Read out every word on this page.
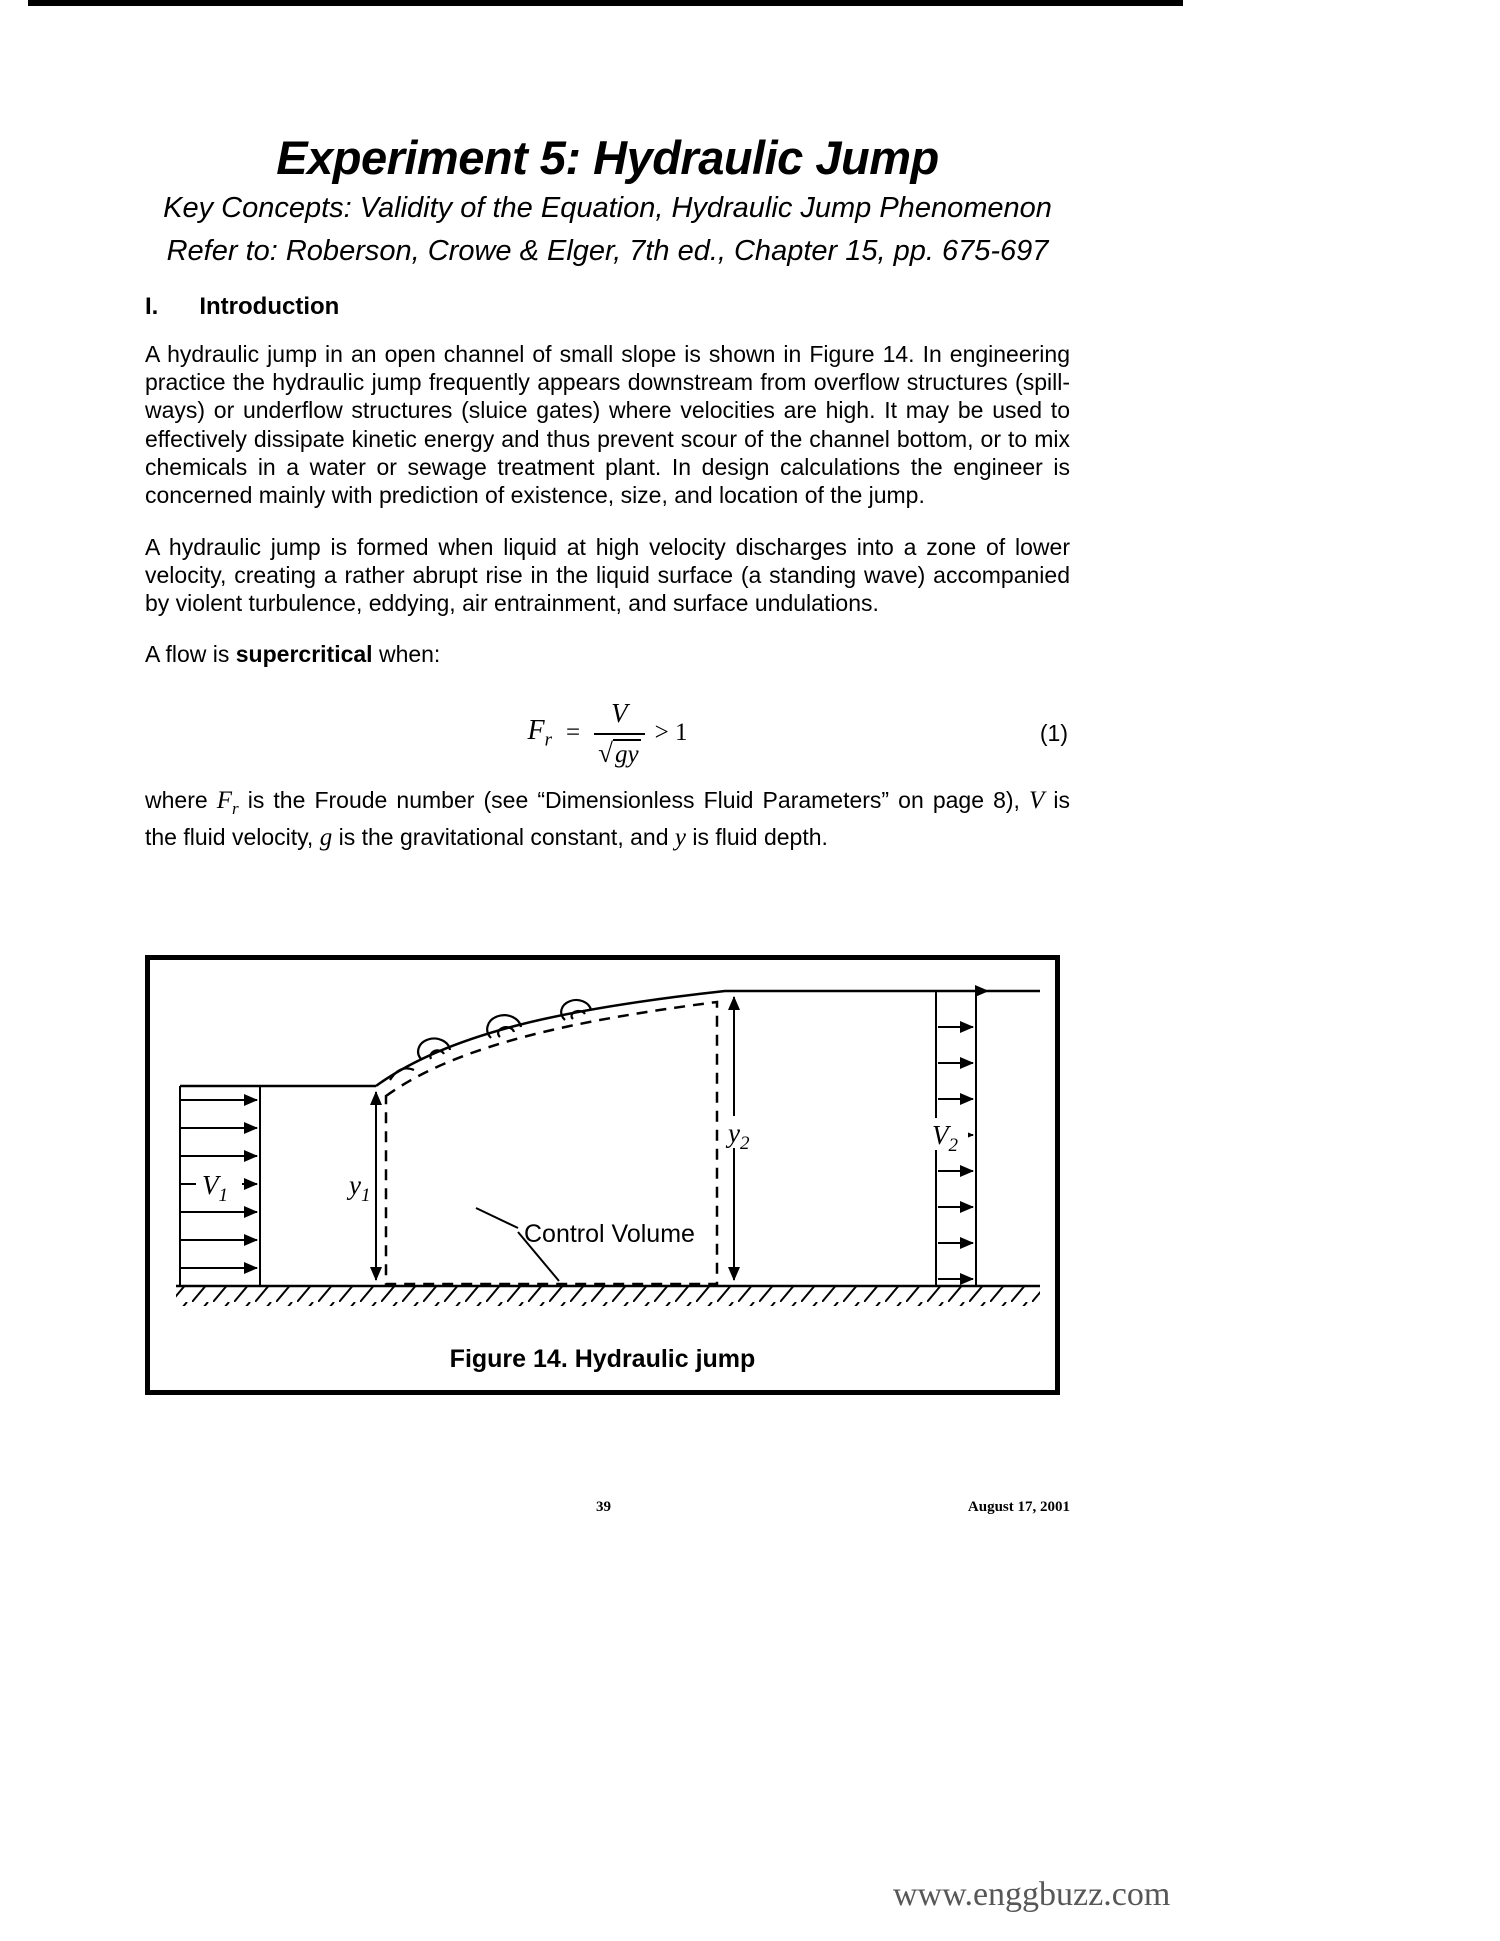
Experiment 5: Hydraulic Jump
Key Concepts: Validity of the Equation, Hydraulic Jump Phenomenon
Refer to: Roberson, Crowe & Elger, 7th ed., Chapter 15, pp. 675-697
I. Introduction
A hydraulic jump in an open channel of small slope is shown in Figure 14. In engineering
practice the hydraulic jump frequently appears downstream from overflow structures (spill-
ways) or underflow structures (sluice gates) where velocities are high. It may be used to
effectively dissipate kinetic energy and thus prevent scour of the channel bottom, or to mix
chemicals in a water or sewage treatment plant. In design calculations the engineer is
concerned mainly with prediction of existence, size, and location of the jump.
A hydraulic jump is formed when liquid at high velocity discharges into a zone of lower
velocity, creating a rather abrupt rise in the liquid surface (a standing wave) accompanied
by violent turbulence, eddying, air entrainment, and surface undulations.
A flow is supercritical when:
$F_r = \frac{V}{√gy} > 1$	(1)
where $F_r$ is the Froude number (see “Dimensionless Fluid Parameters” on page 8), V is
the fluid velocity, g is the gravitational constant, and y is fluid depth.
$V_1$	$y_1$
$y_2$
Control Volume
$V_2$
Figure 14. Hydraulic jump
39	August 17, 2001
www.enggbuzz.com
